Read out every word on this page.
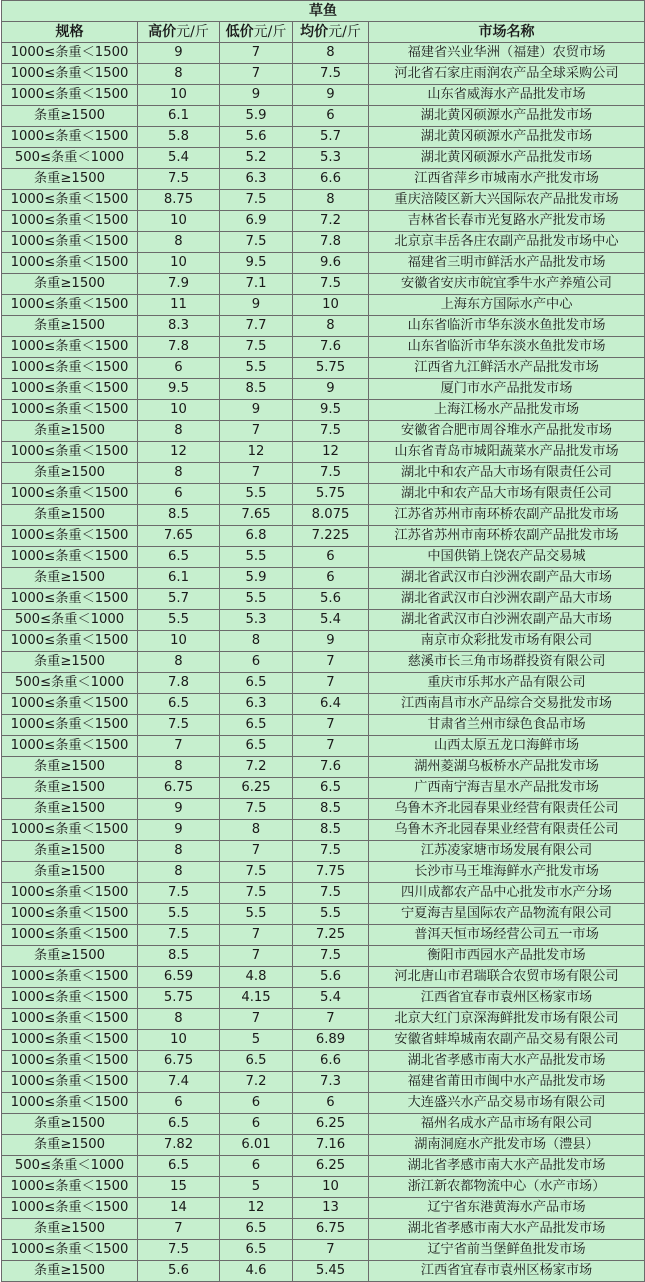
草鱼				
规格	高价元/斤	低价元/斤	均价元/斤	市场名称
1000≤条重＜1500	9	7	8	福建省兴业华洲（福建）农贸市场
1000≤条重＜1500	8	7	7.5	河北省石家庄雨润农产品全球采购公司
1000≤条重＜1500	10	9	9	山东省威海水产品批发市场
条重≥1500	6.1	5.9	6	湖北黄冈硕源水产品批发市场
1000≤条重＜1500	5.8	5.6	5.7	湖北黄冈硕源水产品批发市场
500≤条重＜1000	5.4	5.2	5.3	湖北黄冈硕源水产品批发市场
条重≥1500	7.5	6.3	6.6	江西省萍乡市城南水产批发市场
1000≤条重＜1500	8.75	7.5	8	重庆涪陵区新大兴国际农产品批发市场
1000≤条重＜1500	10	6.9	7.2	吉林省长春市光复路水产批发市场
1000≤条重＜1500	8	7.5	7.8	北京京丰岳各庄农副产品批发市场中心
1000≤条重＜1500	10	9.5	9.6	福建省三明市鲜活水产品批发市场
条重≥1500	7.9	7.1	7.5	安徽省安庆市皖宜季牛水产养殖公司
1000≤条重＜1500	11	9	10	上海东方国际水产中心
条重≥1500	8.3	7.7	8	山东省临沂市华东淡水鱼批发市场
1000≤条重＜1500	7.8	7.5	7.6	山东省临沂市华东淡水鱼批发市场
1000≤条重＜1500	6	5.5	5.75	江西省九江鲜活水产品批发市场
1000≤条重＜1500	9.5	8.5	9	厦门市水产品批发市场
1000≤条重＜1500	10	9	9.5	上海江杨水产品批发市场
条重≥1500	8	7	7.5	安徽省合肥市周谷堆水产品批发市场
1000≤条重＜1500	12	12	12	山东省青岛市城阳蔬菜水产品批发市场
条重≥1500	8	7	7.5	湖北中和农产品大市场有限责任公司
1000≤条重＜1500	6	5.5	5.75	湖北中和农产品大市场有限责任公司
条重≥1500	8.5	7.65	8.075	江苏省苏州市南环桥农副产品批发市场
1000≤条重＜1500	7.65	6.8	7.225	江苏省苏州市南环桥农副产品批发市场
1000≤条重＜1500	6.5	5.5	6	中国供销上饶农产品交易城
条重≥1500	6.1	5.9	6	湖北省武汉市白沙洲农副产品大市场
1000≤条重＜1500	5.7	5.5	5.6	湖北省武汉市白沙洲农副产品大市场
500≤条重＜1000	5.5	5.3	5.4	湖北省武汉市白沙洲农副产品大市场
1000≤条重＜1500	10	8	9	南京市众彩批发市场有限公司
条重≥1500	8	6	7	慈溪市长三角市场群投资有限公司
500≤条重＜1000	7.8	6.5	7	重庆市乐邦水产品有限公司
1000≤条重＜1500	6.5	6.3	6.4	江西南昌市水产品综合交易批发市场
1000≤条重＜1500	7.5	6.5	7	甘肃省兰州市绿色食品市场
1000≤条重＜1500	7	6.5	7	山西太原五龙口海鲜市场
条重≥1500	8	7.2	7.6	湖州菱湖乌板桥水产品批发市场
条重≥1500	6.75	6.25	6.5	广西南宁海吉星水产品批发市场
条重≥1500	9	7.5	8.5	乌鲁木齐北园春果业经营有限责任公司
1000≤条重＜1500	9	8	8.5	乌鲁木齐北园春果业经营有限责任公司
条重≥1500	8	7	7.5	江苏凌家塘市场发展有限公司
条重≥1500	8	7.5	7.75	长沙市马王堆海鲜水产批发市场
1000≤条重＜1500	7.5	7.5	7.5	四川成都农产品中心批发市水产分场
1000≤条重＜1500	5.5	5.5	5.5	宁夏海吉星国际农产品物流有限公司
1000≤条重＜1500	7.5	7	7.25	普洱天恒市场经营公司五一市场
条重≥1500	8.5	7	7.5	衡阳市西园水产品批发市场
1000≤条重＜1500	6.59	4.8	5.6	河北唐山市君瑞联合农贸市场有限公司
1000≤条重＜1500	5.75	4.15	5.4	江西省宜春市袁州区杨家市场
1000≤条重＜1500	8	7	7	北京大红门京深海鲜批发市场有限公司
1000≤条重＜1500	10	5	6.89	安徽省蚌埠城南农副产品交易有限公司
1000≤条重＜1500	6.75	6.5	6.6	湖北省孝感市南大水产品批发市场
1000≤条重＜1500	7.4	7.2	7.3	福建省莆田市闽中水产品批发市场
1000≤条重＜1500	6	6	6	大连盛兴水产品交易市场有限公司
条重≥1500	6.5	6	6.25	福州名成水产品市场有限公司
条重≥1500	7.82	6.01	7.16	湖南洞庭水产批发市场（澧县）
500≤条重＜1000	6.5	6	6.25	湖北省孝感市南大水产品批发市场
1000≤条重＜1500	15	5	10	浙江新农都物流中心（水产市场）
1000≤条重＜1500	14	12	13	辽宁省东港黄海水产品市场
条重≥1500	7	6.5	6.75	湖北省孝感市南大水产品批发市场
1000≤条重＜1500	7.5	6.5	7	辽宁省前当堡鲜鱼批发市场
条重≥1500	5.6	4.6	5.45	江西省宜春市袁州区杨家市场
